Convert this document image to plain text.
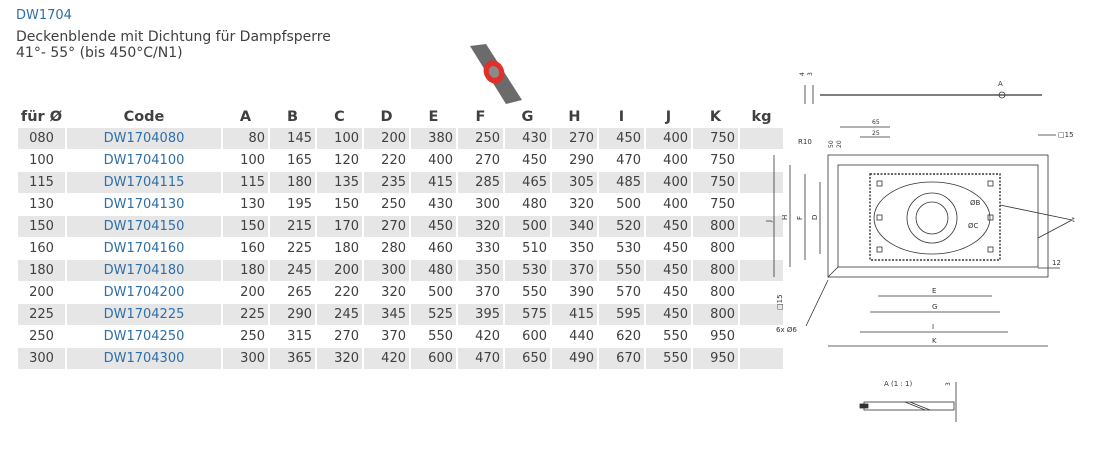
DW1704
Deckenblende mit Dichtung für Dampfsperre
41°- 55° (bis 450°C/N1)
für Ø	Code	A	B	C	D	E	F	G	H	I	J	K	kg
080	DW1704080	80	145	100	200	380	250	430	270	450	400	750	
100	DW1704100	100	165	120	220	400	270	450	290	470	400	750	
115	DW1704115	115	180	135	235	415	285	465	305	485	400	750	
130	DW1704130	130	195	150	250	430	300	480	320	500	400	750	
150	DW1704150	150	215	170	270	450	320	500	340	520	450	800	
160	DW1704160	160	225	180	280	460	330	510	350	530	450	800	
180	DW1704180	180	245	200	300	480	350	530	370	550	450	800	
200	DW1704200	200	265	220	320	500	370	550	390	570	450	800	
225	DW1704225	225	290	245	345	525	395	575	415	595	450	800	
250	DW1704250	250	315	270	370	550	420	600	440	620	550	950	
300	DW1704300	300	365	320	420	600	470	650	490	670	550	950	
A
4 3
65
25
50 20
R10
□15
J
H F D
□15
ØB
ØC
t
12
6x Ø6
E
G
I
K
A (1 : 1)	3
